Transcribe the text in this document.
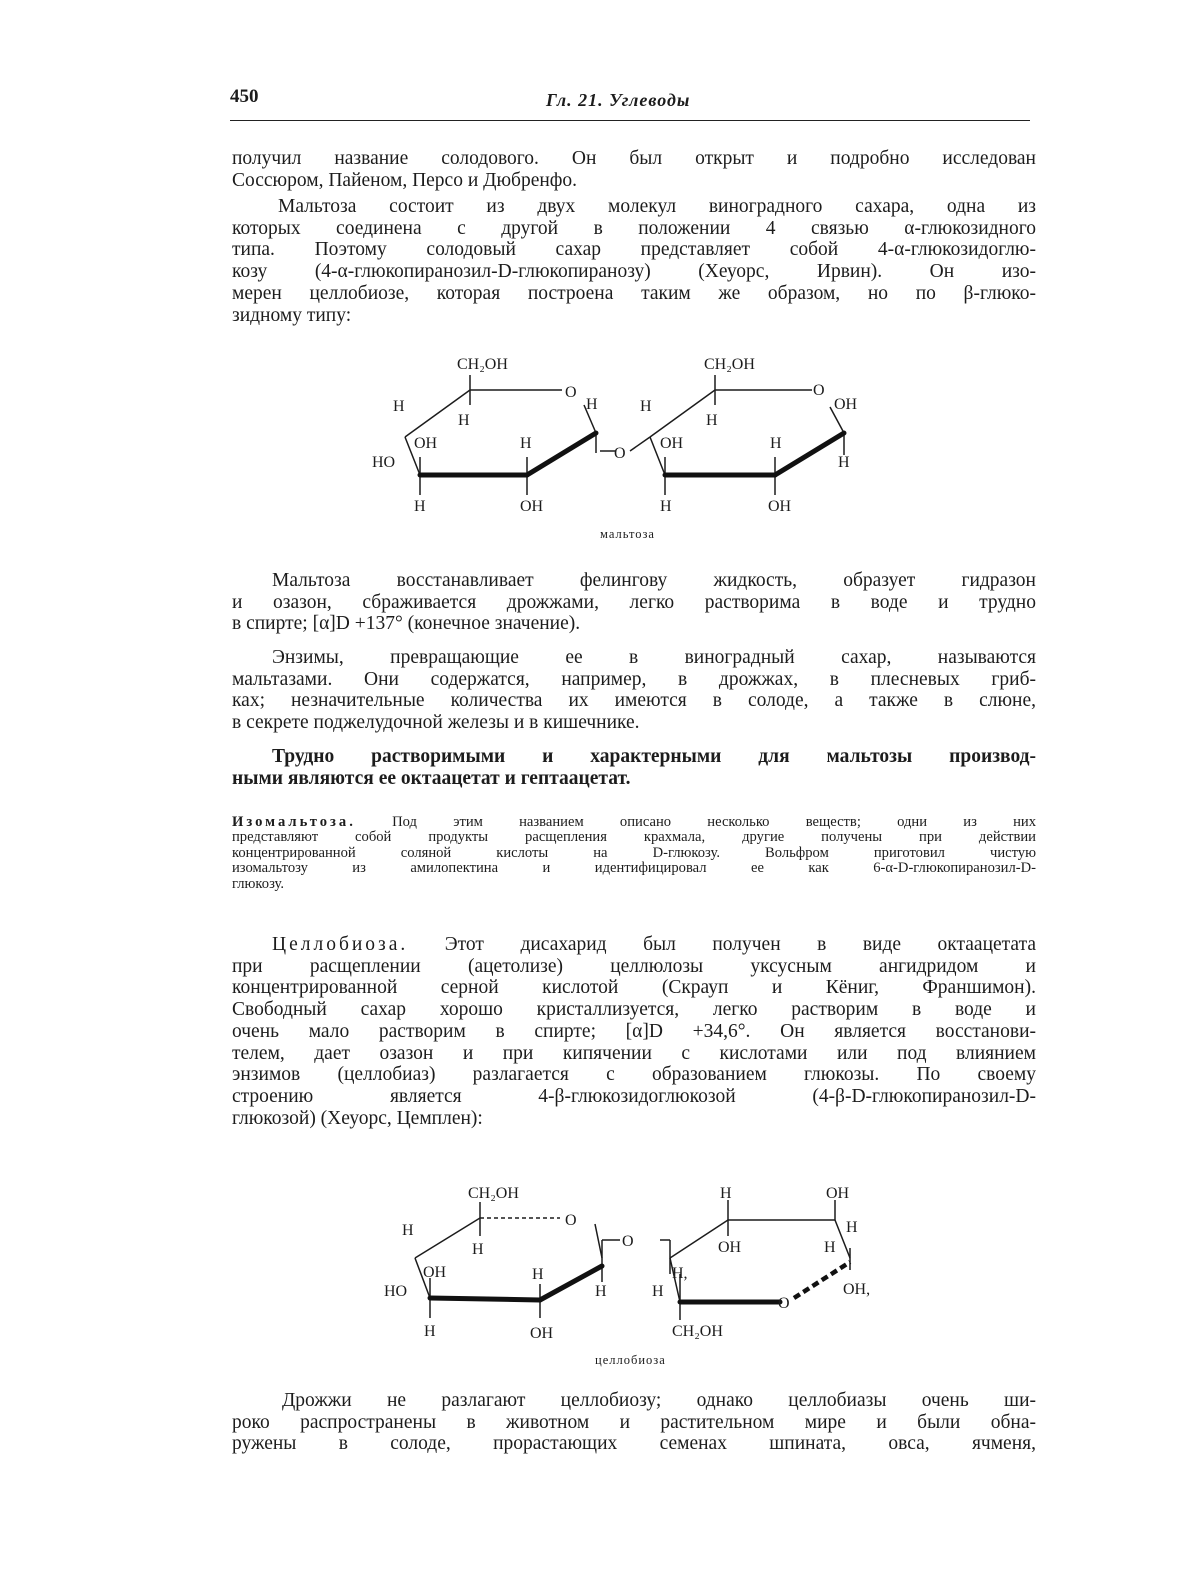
450	Гл. 21. Углеводы

получил название солодового. Он был открыт и подробно исследован
Соссюром, Пайеном, Персо и Дюбренфо.

Мальтоза состоит из двух молекул виноградного сахара, одна из
которых соединена с другой в положении 4 связью α-глюкозидного
типа. Поэтому солодовый сахар представляет собой 4-α-глюкозидоглю-
козу (4-α-глюкопиранозил-D-глюкопиранозу) (Хеуорс, Ирвин). Он изо-
мерен целлобиозе, которая построена таким же образом, но по β-глюко-
зидному типу:

CH₂OH
O
H
H
H
OH
HO
H	OH
H
O
CH₂OH
O
OH
H
H
OH	H
H
H	OH
мальтоза

Мальтоза восстанавливает фелингову жидкость, образует гидразон
и озазон, сбраживается дрожжами, легко растворима в воде и трудно
в спирте; [α]D +137° (конечное значение).

Энзимы, превращающие ее в виноградный сахар, называются
мальтазами. Они содержатся, например, в дрожжах, в плесневых гриб-
ках; незначительные количества их имеются в солоде, а также в слюне,
в секрете поджелудочной железы и в кишечнике.

Трудно растворимыми и характерными для мальтозы производ-
ными являются ее октаацетат и гептаацетат.

Изомальтоза. Под этим названием описано несколько веществ; одни из них
представляют собой продукты расщепления крахмала, другие получены при действии
концентрированной соляной кислоты на D-глюкозу. Вольфром приготовил чистую
изомальтозу из амилопектина и идентифицировал ее как 6-α-D-глюкопиранозил-D-
глюкозу.

Целлобиоза. Этот дисахарид был получен в виде октаацетата
при расщеплении (ацетолизе) целлюлозы уксусным ангидридом и
концентрированной серной кислотой (Скрауп и Кёниг, Франшимон).
Свободный сахар хорошо кристаллизуется, легко растворим в воде и
очень мало растворим в спирте; [α]D +34,6°. Он является восстанови-
телем, дает озазон и при кипячении с кислотами или под влиянием
энзимов (целлобиаз) разлагается с образованием глюкозы. По своему
строению является 4-β-глюкозидоглюкозой (4-β-D-глюкопиранозил-D-
глюкозой) (Хеуорс, Цемплен):

CH₂OH
O
H
H
OH
HO
H
H
OH
H
O
H	OH
OH
H
H
H,
H
O
OH,
CH₂OH
целлобиоза

Дрожжи не разлагают целлобиозу; однако целлобиазы очень ши-
роко распространены в животном и растительном мире и были обна-
ружены в солоде, прорастающих семенах шпината, овса, ячменя,
